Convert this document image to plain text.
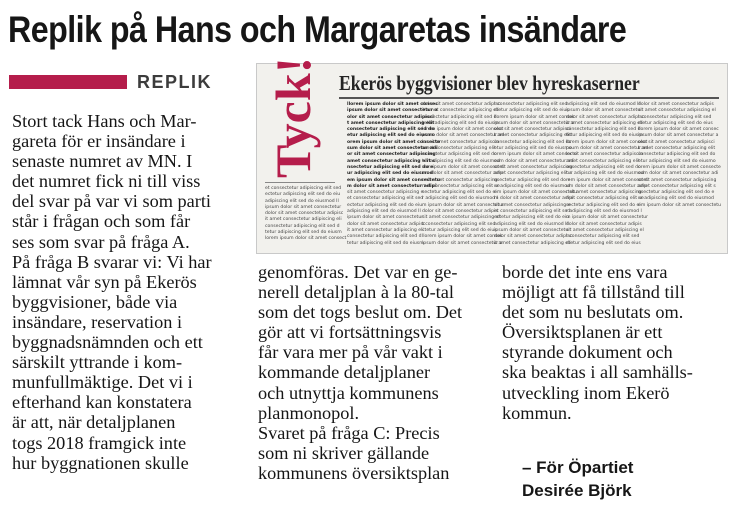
Replik på Hans och Margaretas insändare
REPLIK Tyck! Ekerös byggvisioner blev hyreskaserner
llorem ipsum dolor sit amet consec
ipsum dolor sit amet consectetur a
olor sit amet consectetur adipisci
t amet consectetur adipiscing elit
consectetur adipiscing elit sed do
etur adipiscing elit sed do eiusmo
orem ipsum dolor sit amet consecte
sum dolor sit amet consectetur adi
or sit amet consectetur adipiscing
amet consectetur adipiscing elit s
nsectetur adipiscing elit sed do e
ur adipiscing elit sed do eiusmod
em ipsum dolor sit amet consectetu
m dolor sit amet consectetur adipi
sit amet consectetur adipiscing e
et consectetur adipiscing elit sed
ectetur adipiscing elit sed do eiu
adipiscing elit sed do eiusmod ll
ipsum dolor sit amet consectetur
dolor sit amet consectetur adipisc
it amet consectetur adipiscing eli
consectetur adipiscing elit sed d
tetur adipiscing elit sed do eiusm
dolor sit amet consectetur adipisc
it amet consectetur adipiscing eli
consectetur adipiscing elit sed d
tetur adipiscing elit sed do eiusm
lorem ipsum dolor sit amet consect
psum dolor sit amet consectetur ad
lor sit amet consectetur adipiscin
amet consectetur adipiscing elit
onsectetur adipiscing elit sed do
tur adipiscing elit sed do eiusmod
rem ipsum dolor sit amet consectet
um dolor sit amet consectetur adip
r sit amet consectetur adipiscing
met consectetur adipiscing elit se
sectetur adipiscing elit sed do ei
r adipiscing elit sed do eiusmod l
m ipsum dolor sit amet consectetur
dolor sit amet consectetur adipis
sit amet consectetur adipiscing el
t consectetur adipiscing elit sed
ctetur adipiscing elit sed do eius
llorem ipsum dolor sit amet consec
ipsum dolor sit amet consectetur a
t consectetur adipiscing elit sed
ctetur adipiscing elit sed do eius
llorem ipsum dolor sit amet consec
ipsum dolor sit amet consectetur a
olor sit amet consectetur adipisci
t amet consectetur adipiscing elit
consectetur adipiscing elit sed do
etur adipiscing elit sed do eiusmo
orem ipsum dolor sit amet consecte
sum dolor sit amet consectetur adi
or sit amet consectetur adipiscing
amet consectetur adipiscing elit s
nsectetur adipiscing elit sed do e
ur adipiscing elit sed do eiusmod
em ipsum dolor sit amet consectetu
m dolor sit amet consectetur adipi
sit amet consectetur adipiscing e
et consectetur adipiscing elit sed
ectetur adipiscing elit sed do eiu
adipiscing elit sed do eiusmod ll
ipsum dolor sit amet consectetur
dolor sit amet consectetur adipisc
it amet consectetur adipiscing eli
adipiscing elit sed do eiusmod ll
ipsum dolor sit amet consectetur
dolor sit amet consectetur adipisc
it amet consectetur adipiscing eli
consectetur adipiscing elit sed d
tetur adipiscing elit sed do eiusm
lorem ipsum dolor sit amet consect
psum dolor sit amet consectetur ad
lor sit amet consectetur adipiscin
amet consectetur adipiscing elit
onsectetur adipiscing elit sed do
tur adipiscing elit sed do eiusmod
rem ipsum dolor sit amet consectet
um dolor sit amet consectetur adip
r sit amet consectetur adipiscing
met consectetur adipiscing elit se
sectetur adipiscing elit sed do ei
r adipiscing elit sed do eiusmod l
m ipsum dolor sit amet consectetur
dolor sit amet consectetur adipis
sit amet consectetur adipiscing el
t consectetur adipiscing elit sed
ctetur adipiscing elit sed do eius
dolor sit amet consectetur adipis
sit amet consectetur adipiscing el
t consectetur adipiscing elit sed
ctetur adipiscing elit sed do eius
llorem ipsum dolor sit amet consec
ipsum dolor sit amet consectetur a
olor sit amet consectetur adipisci
t amet consectetur adipiscing elit
consectetur adipiscing elit sed do
etur adipiscing elit sed do eiusmo
orem ipsum dolor sit amet consecte
sum dolor sit amet consectetur adi
or sit amet consectetur adipiscing
amet consectetur adipiscing elit s
nsectetur adipiscing elit sed do e
ur adipiscing elit sed do eiusmod
em ipsum dolor sit amet consectetu
et consectetur adipiscing elit sed
ectetur adipiscing elit sed do eiu
adipiscing elit sed do eiusmod ll
ipsum dolor sit amet consectetur
dolor sit amet consectetur adipisc
it amet consectetur adipiscing eli
consectetur adipiscing elit sed d
tetur adipiscing elit sed do eiusm
lorem ipsum dolor sit amet consect
Stort tack Hans och Mar-
gareta för er insändare i
senaste numret av MN. I
det numret fick ni till viss
del svar på var vi som parti
står i frågan och som får
ses som svar på fråga A.
På fråga B svarar vi: Vi har
lämnat vår syn på Ekerös
byggvisioner, både via
insändare, reservation i
byggnadsnämnden och ett
särskilt yttrande i kom-
munfullmäktige. Det vi i
efterhand kan konstatera
är att, när detaljplanen
togs 2018 framgick inte
hur byggnationen skulle
genomföras. Det var en ge-
nerell detaljplan à la 80-tal
som det togs beslut om. Det
gör att vi fortsättningsvis
får vara mer på vår vakt i
kommande detaljplaner
och utnyttja kommunens
planmonopol.
Svaret på fråga C: Precis
som ni skriver gällande
kommunens översiktsplan
borde det inte ens vara
möjligt att få tillstånd till
det som nu beslutats om.
Översiktsplanen är ett
styrande dokument och
ska beaktas i all samhälls-
utveckling inom Ekerö
kommun.
– För Öpartiet
Desirée Björk
